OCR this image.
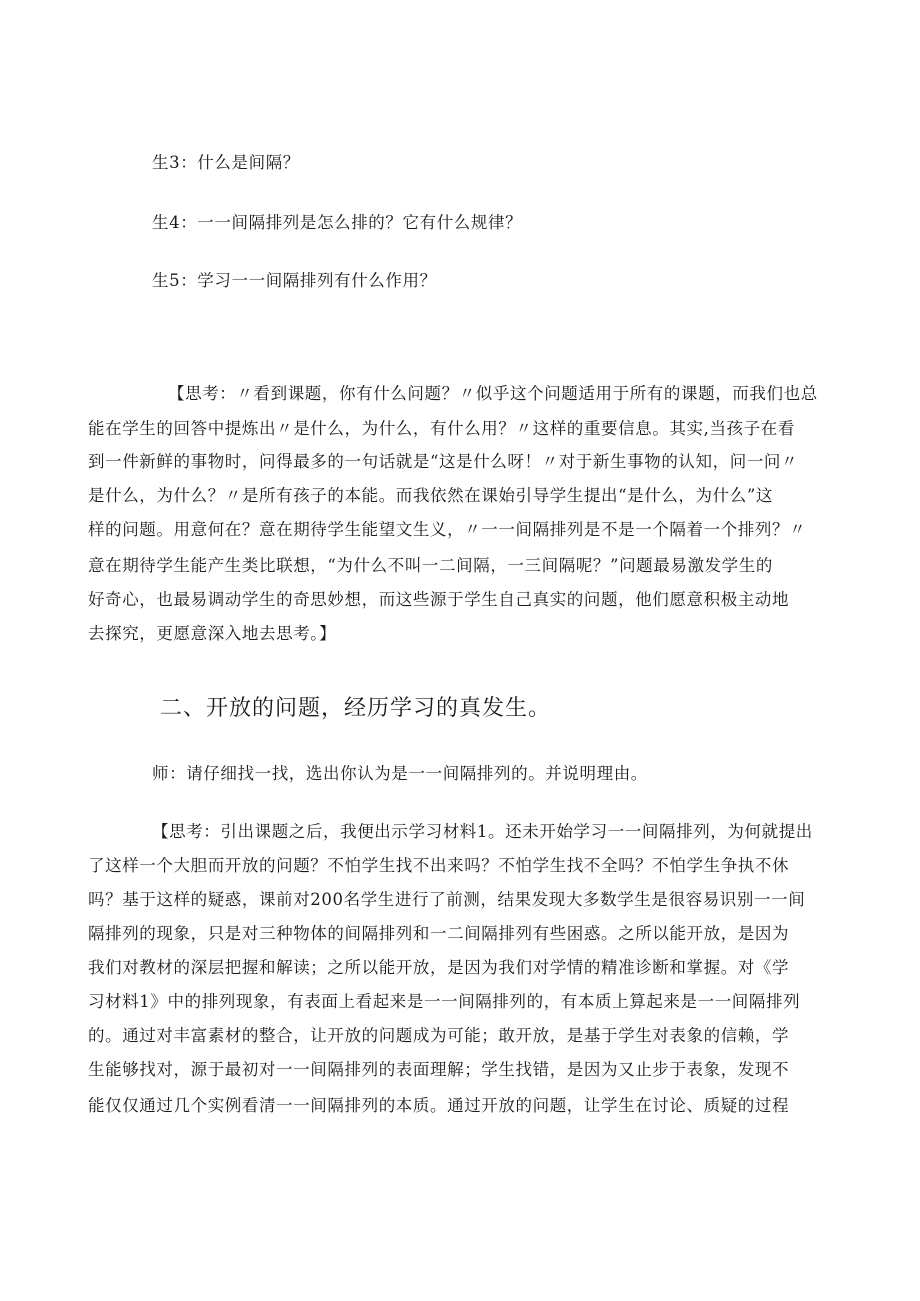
生3：什么是间隔？
生4：一一间隔排列是怎么排的？它有什么规律？
生5：学习一一间隔排列有什么作用？
【思考：〃看到课题，你有什么问题？〃似乎这个问题适用于所有的课题，而我们也总
能在学生的回答中提炼出〃是什么，为什么，有什么用？〃这样的重要信息。其实,当孩子在看
到一件新鲜的事物时，问得最多的一句话就是“这是什么呀！〃对于新生事物的认知，问一问〃
是什么，为什么？〃是所有孩子的本能。而我依然在课始引导学生提出“是什么，为什么”这
样的问题。用意何在？意在期待学生能望文生义，〃一一间隔排列是不是一个隔着一个排列？〃
意在期待学生能产生类比联想，“为什么不叫一二间隔，一三间隔呢？”问题最易激发学生的
好奇心，也最易调动学生的奇思妙想，而这些源于学生自己真实的问题，他们愿意积极主动地
去探究，更愿意深入地去思考。】
二、开放的问题，经历学习的真发生。
师：请仔细找一找，选出你认为是一一间隔排列的。并说明理由。
【思考：引出课题之后，我便出示学习材料1。还未开始学习一一间隔排列，为何就提出
了这样一个大胆而开放的问题？不怕学生找不出来吗？不怕学生找不全吗？不怕学生争执不休
吗？基于这样的疑惑，课前对200名学生进行了前测，结果发现大多数学生是很容易识别一一间
隔排列的现象，只是对三种物体的间隔排列和一二间隔排列有些困惑。之所以能开放，是因为
我们对教材的深层把握和解读；之所以能开放，是因为我们对学情的精准诊断和掌握。对《学
习材料1》中的排列现象，有表面上看起来是一一间隔排列的，有本质上算起来是一一间隔排列
的。通过对丰富素材的整合，让开放的问题成为可能；敢开放，是基于学生对表象的信赖，学
生能够找对，源于最初对一一间隔排列的表面理解；学生找错，是因为又止步于表象，发现不
能仅仅通过几个实例看清一一间隔排列的本质。通过开放的问题，让学生在讨论、质疑的过程
